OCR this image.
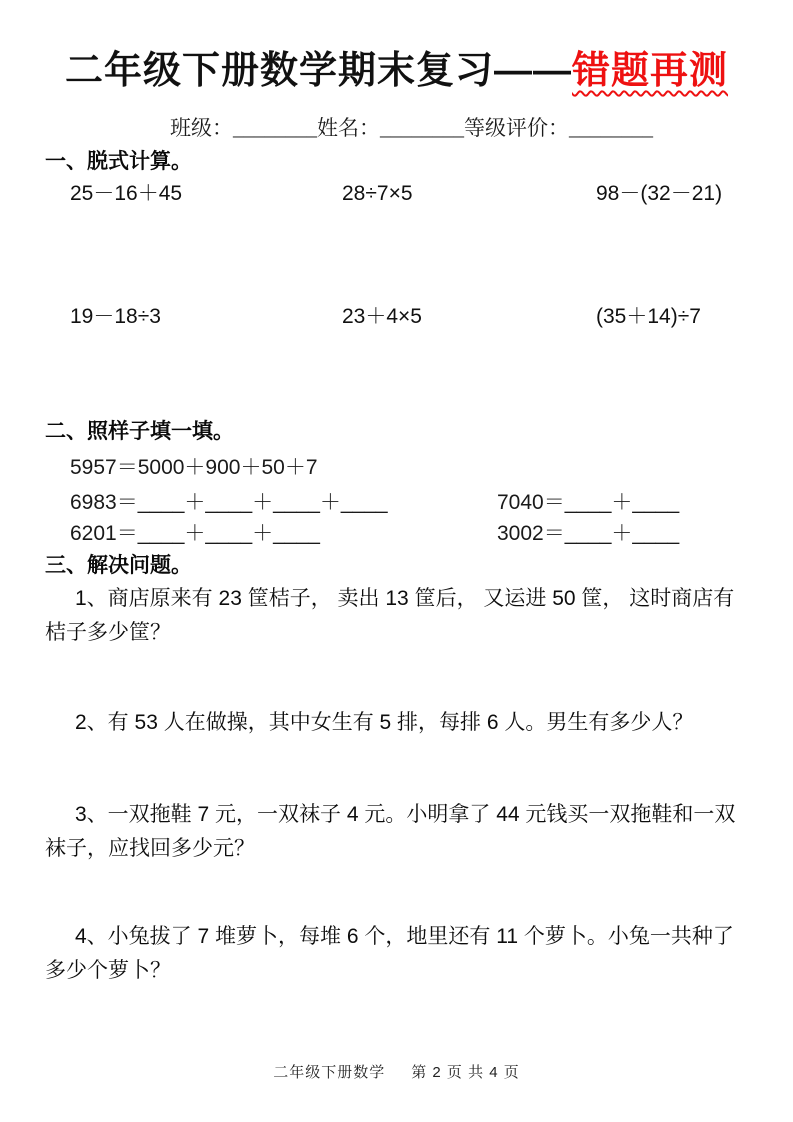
二年级下册数学期末复习——错题再测
班级：________姓名：________等级评价：________
一、脱式计算。
25－16＋45	28÷7×5	98－(32－21)
19－18÷3	23＋4×5	(35＋14)÷7
二、照样子填一填。
5957＝5000＋900＋50＋7
6983＝____＋____＋____＋____	7040＝____＋____
6201＝____＋____＋____	3002＝____＋____
三、解决问题。

1、商店原来有 23 筐桔子， 卖出 13 筐后， 又运进 50 筐， 这时商店有桔子多少筐？

2、有 53 人在做操，其中女生有 5 排，每排 6 人。男生有多少人？

3、一双拖鞋 7 元，一双袜子 4 元。小明拿了 44 元钱买一双拖鞋和一双袜子，应找回多少元？

4、小兔拔了 7 堆萝卜，每堆 6 个，地里还有 11 个萝卜。小兔一共种了多少个萝卜？

二年级下册数学 第 2 页 共 4 页
